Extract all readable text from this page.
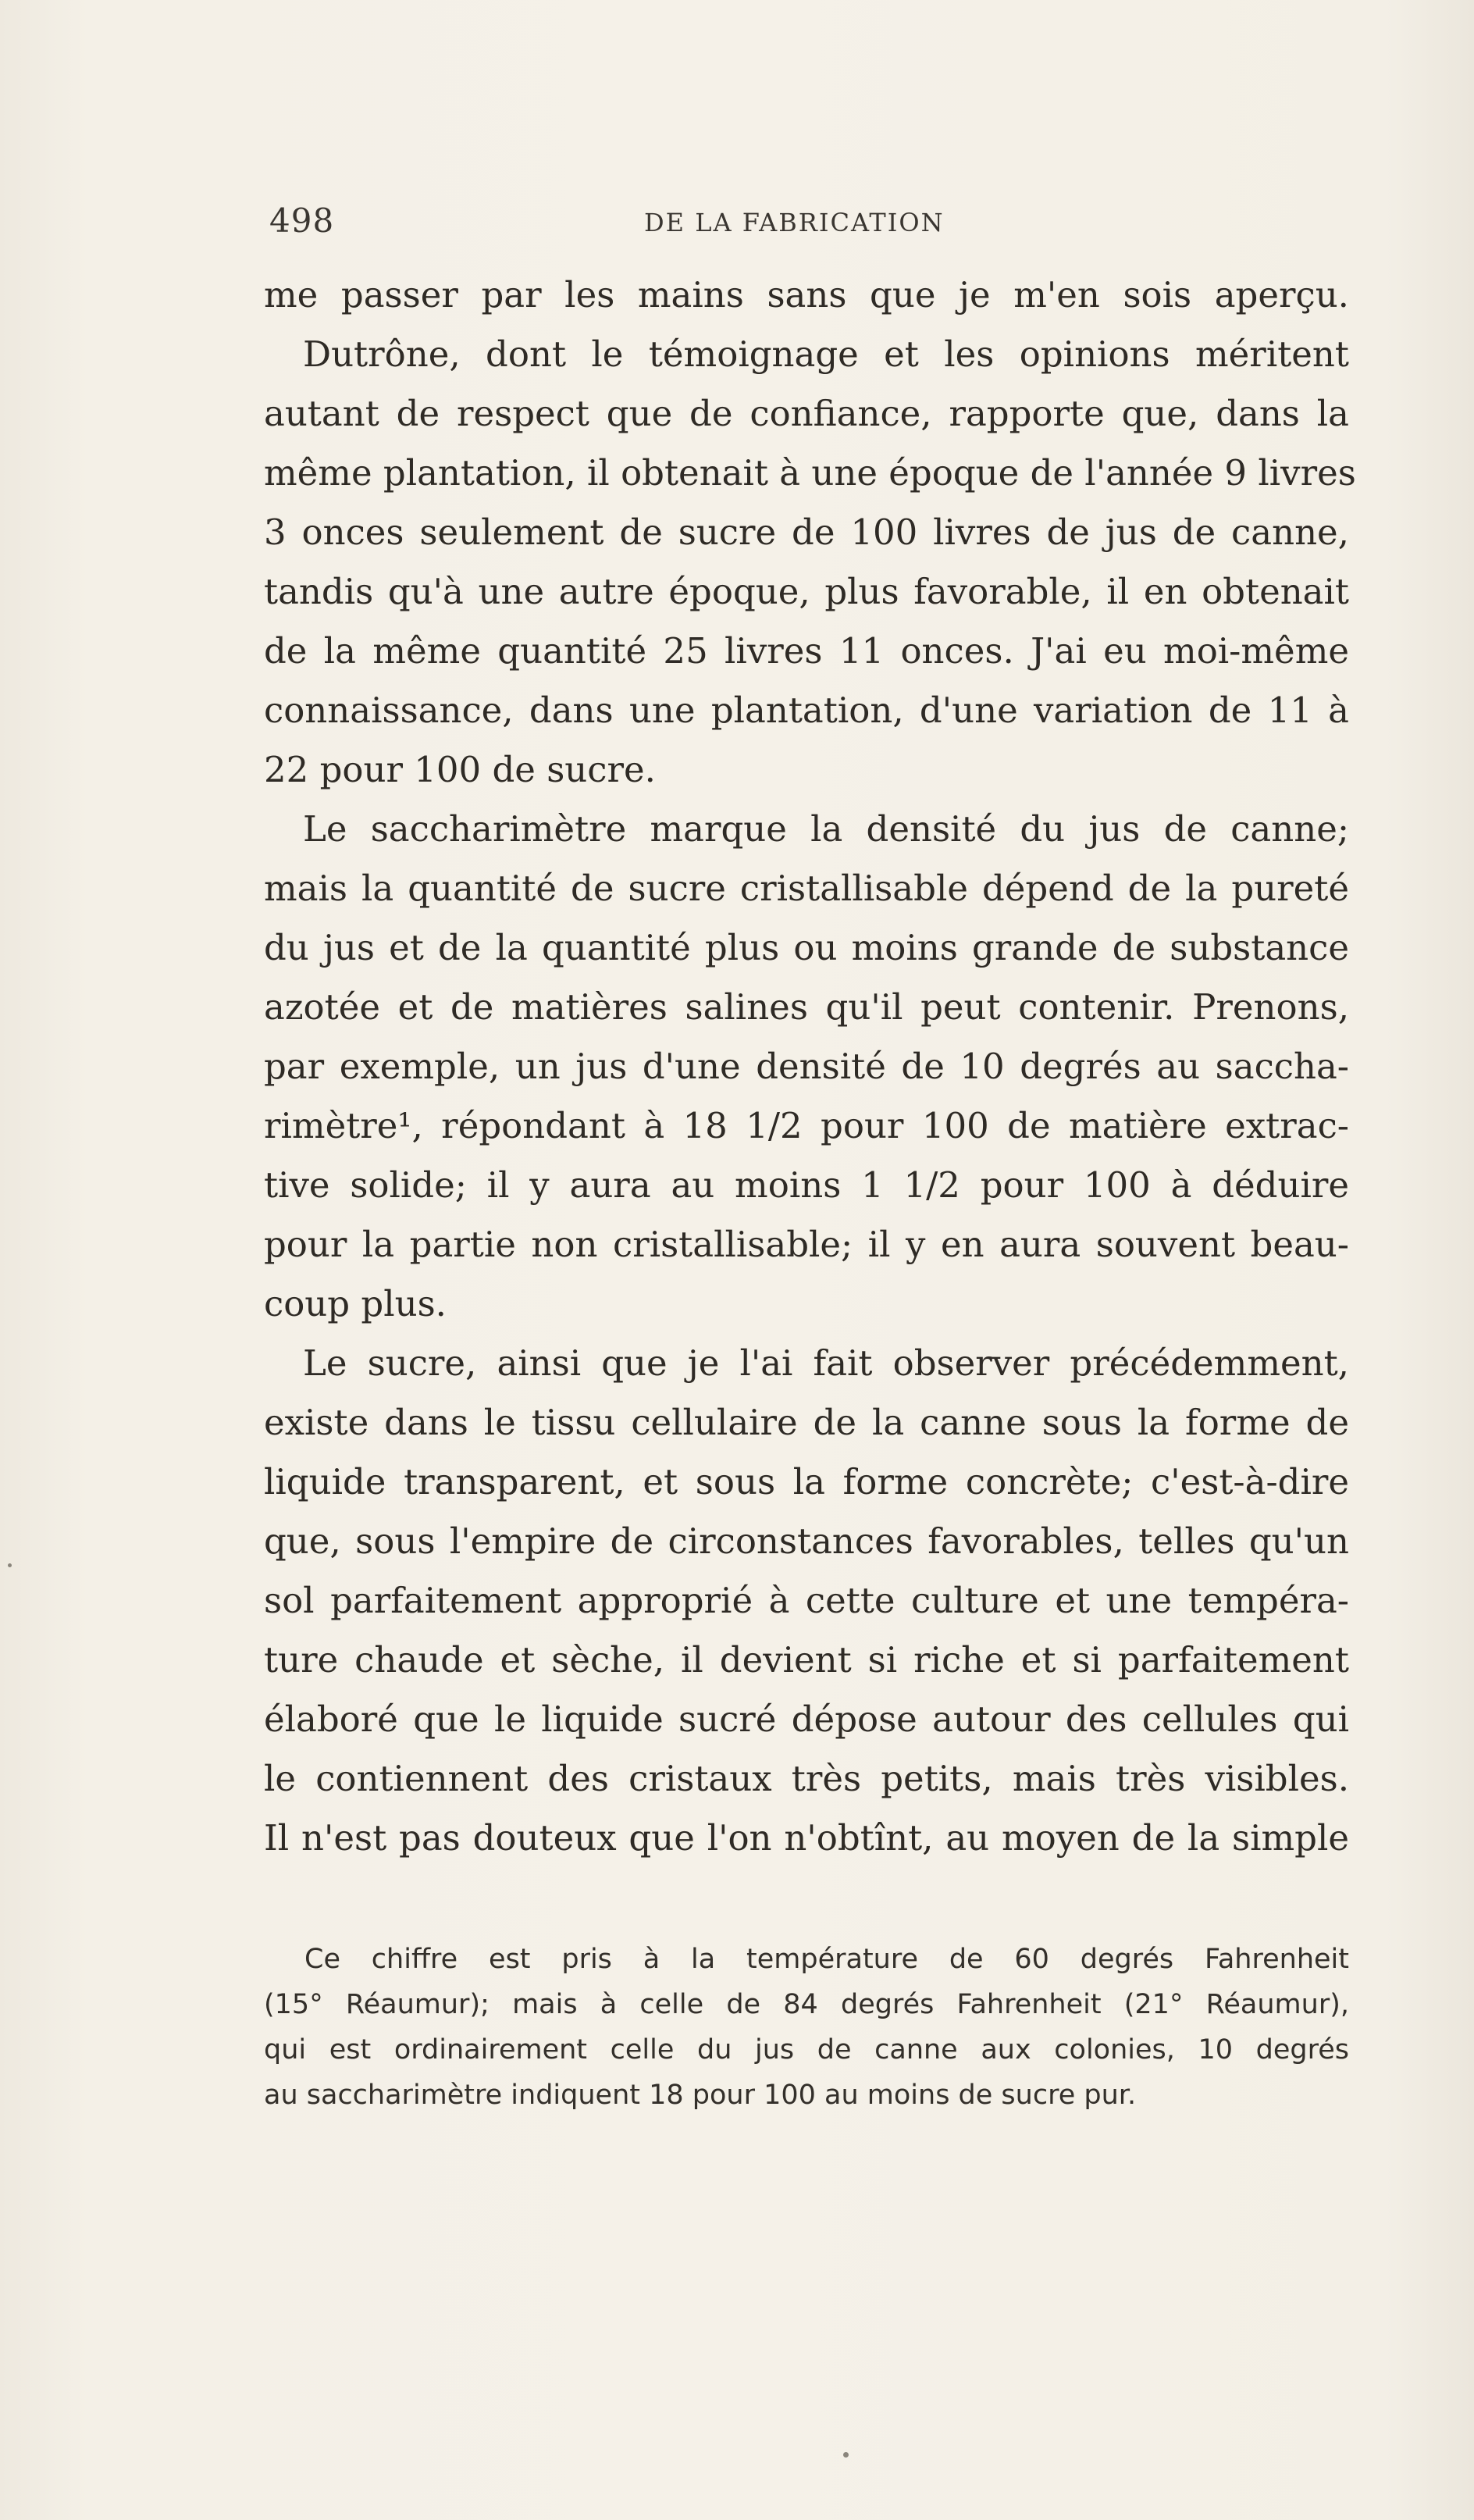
498	DE LA FABRICATION
me passer par les mains sans que je m'en sois aperçu.
Dutrône, dont le témoignage et les opinions méritent
autant de respect que de confiance, rapporte que, dans la
même plantation, il obtenait à une époque de l'année 9 livres
3 onces seulement de sucre de 100 livres de jus de canne,
tandis qu'à une autre époque, plus favorable, il en obtenait
de la même quantité 25 livres 11 onces. J'ai eu moi-même
connaissance, dans une plantation, d'une variation de 11 à
22 pour 100 de sucre.
Le saccharimètre marque la densité du jus de canne;
mais la quantité de sucre cristallisable dépend de la pureté
du jus et de la quantité plus ou moins grande de substance
azotée et de matières salines qu'il peut contenir. Prenons,
par exemple, un jus d'une densité de 10 degrés au saccha-
rimètre¹, répondant à 18 1/2 pour 100 de matière extrac-
tive solide; il y aura au moins 1 1/2 pour 100 à déduire
pour la partie non cristallisable; il y en aura souvent beau-
coup plus.
Le sucre, ainsi que je l'ai fait observer précédemment,
existe dans le tissu cellulaire de la canne sous la forme de
liquide transparent, et sous la forme concrète; c'est-à-dire
que, sous l'empire de circonstances favorables, telles qu'un
sol parfaitement approprié à cette culture et une tempéra-
ture chaude et sèche, il devient si riche et si parfaitement
élaboré que le liquide sucré dépose autour des cellules qui
le contiennent des cristaux très petits, mais très visibles.
Il n'est pas douteux que l'on n'obtînt, au moyen de la simple
Ce chiffre est pris à la température de 60 degrés Fahrenheit
(15° Réaumur); mais à celle de 84 degrés Fahrenheit (21° Réaumur),
qui est ordinairement celle du jus de canne aux colonies, 10 degrés
au saccharimètre indiquent 18 pour 100 au moins de sucre pur.
